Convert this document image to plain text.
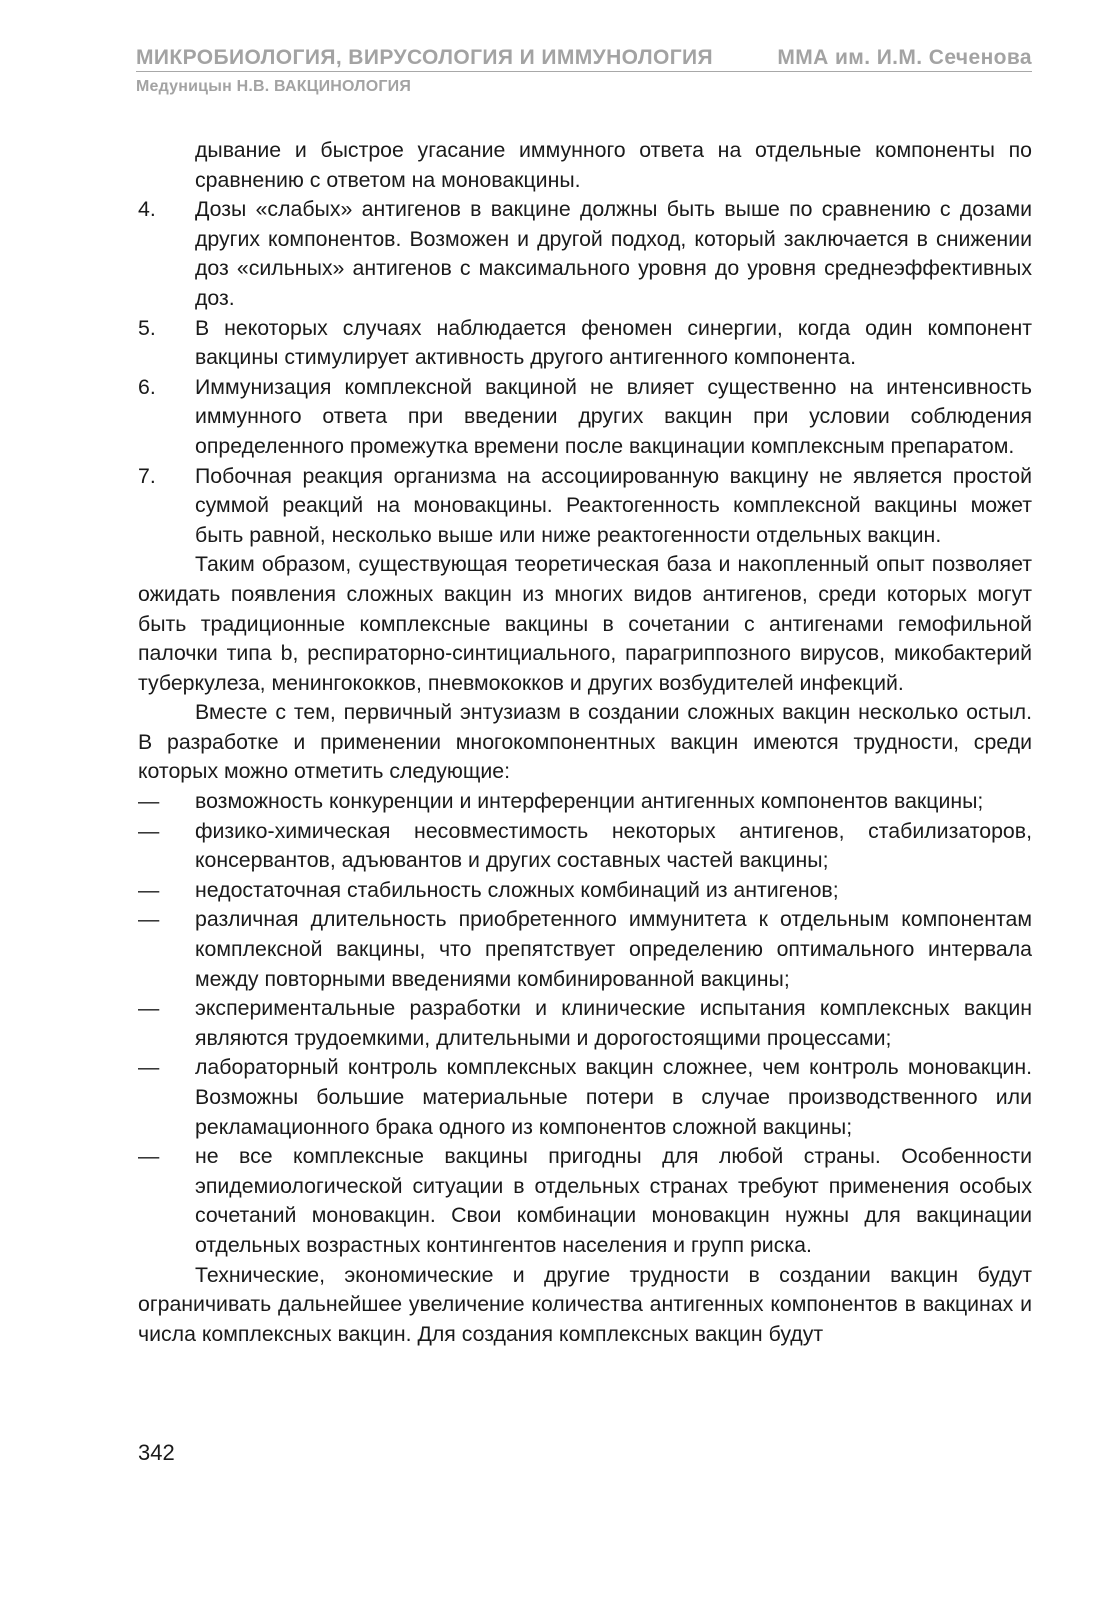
МИКРОБИОЛОГИЯ, ВИРУСОЛОГИЯ И ИММУНОЛОГИЯ	ММА им. И.М. Сеченова
Медуницын Н.В. ВАКЦИНОЛОГИЯ

дывание и быстрое угасание иммунного ответа на отдельные компоненты по сравнению с ответом на моновакцины.

4.	Дозы «слабых» антигенов в вакцине должны быть выше по сравнению с дозами других компонентов. Возможен и другой подход, который заключается в снижении доз «сильных» антигенов с максимального уровня до уровня среднеэффективных доз.
5.	В некоторых случаях наблюдается феномен синергии, когда один компонент вакцины стимулирует активность другого антигенного компонента.
6.	Иммунизация комплексной вакциной не влияет существенно на интенсивность иммунного ответа при введении других вакцин при условии соблюдения определенного промежутка времени после вакцинации комплексным препаратом.
7.	Побочная реакция организма на ассоциированную вакцину не является простой суммой реакций на моновакцины. Реактогенность комплексной вакцины может быть равной, несколько выше или ниже реактогенности отдельных вакцин.

Таким образом, существующая теоретическая база и накопленный опыт позволяет ожидать появления сложных вакцин из многих видов антигенов, среди которых могут быть традиционные комплексные вакцины в сочетании с антигенами гемофильной палочки типа b, респираторно-синтициального, парагриппозного вирусов, микобактерий туберкулеза, менингококков, пневмококков и других возбудителей инфекций.

Вместе с тем, первичный энтузиазм в создании сложных вакцин несколько остыл. В разработке и применении многокомпонентных вакцин имеются трудности, среди которых можно отметить следующие:

—	возможность конкуренции и интерференции антигенных компонентов вакцины;
—	физико-химическая несовместимость некоторых антигенов, стабилизаторов, консервантов, адъювантов и других составных частей вакцины;
—	недостаточная стабильность сложных комбинаций из антигенов;
—	различная длительность приобретенного иммунитета к отдельным компонентам комплексной вакцины, что препятствует определению оптимального интервала между повторными введениями комбинированной вакцины;
—	экспериментальные разработки и клинические испытания комплексных вакцин являются трудоемкими, длительными и дорогостоящими процессами;
—	лабораторный контроль комплексных вакцин сложнее, чем контроль моновакцин. Возможны большие материальные потери в случае производственного или рекламационного брака одного из компонентов сложной вакцины;
—	не все комплексные вакцины пригодны для любой страны. Особенности эпидемиологической ситуации в отдельных странах требуют применения особых сочетаний моновакцин. Свои комбинации моновакцин нужны для вакцинации отдельных возрастных контингентов населения и групп риска.

Технические, экономические и другие трудности в создании вакцин будут ограничивать дальнейшее увеличение количества антигенных компонентов в вакцинах и числа комплексных вакцин. Для создания комплексных вакцин будут

342
